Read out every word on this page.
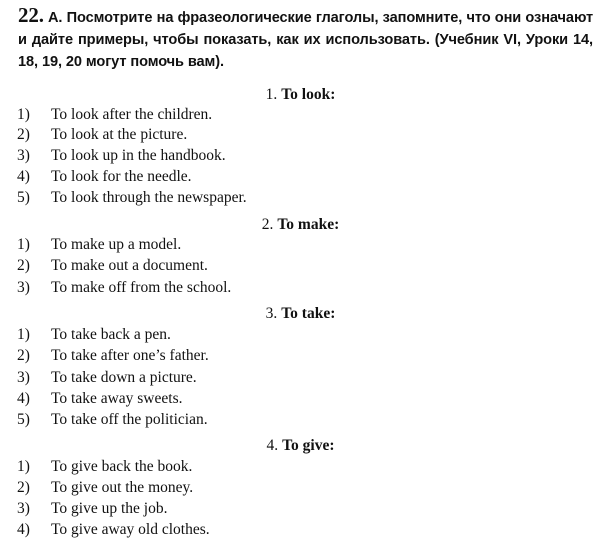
22. А. Посмотрите на фразеологические глаголы, запомните, что они означают и дайте примеры, чтобы показать, как их использовать. (Учебник VI, Уроки 14, 18, 19, 20 могут помочь вам).
1. To look:
1) To look after the children.
2) To look at the picture.
3) To look up in the handbook.
4) To look for the needle.
5) To look through the newspaper.
2. To make:
1) To make up a model.
2) To make out a document.
3) To make off from the school.
3. To take:
1) To take back a pen.
2) To take after one’s father.
3) To take down a picture.
4) To take away sweets.
5) To take off the politician.
4. To give:
1) To give back the book.
2) To give out the money.
3) To give up the job.
4) To give away old clothes.
